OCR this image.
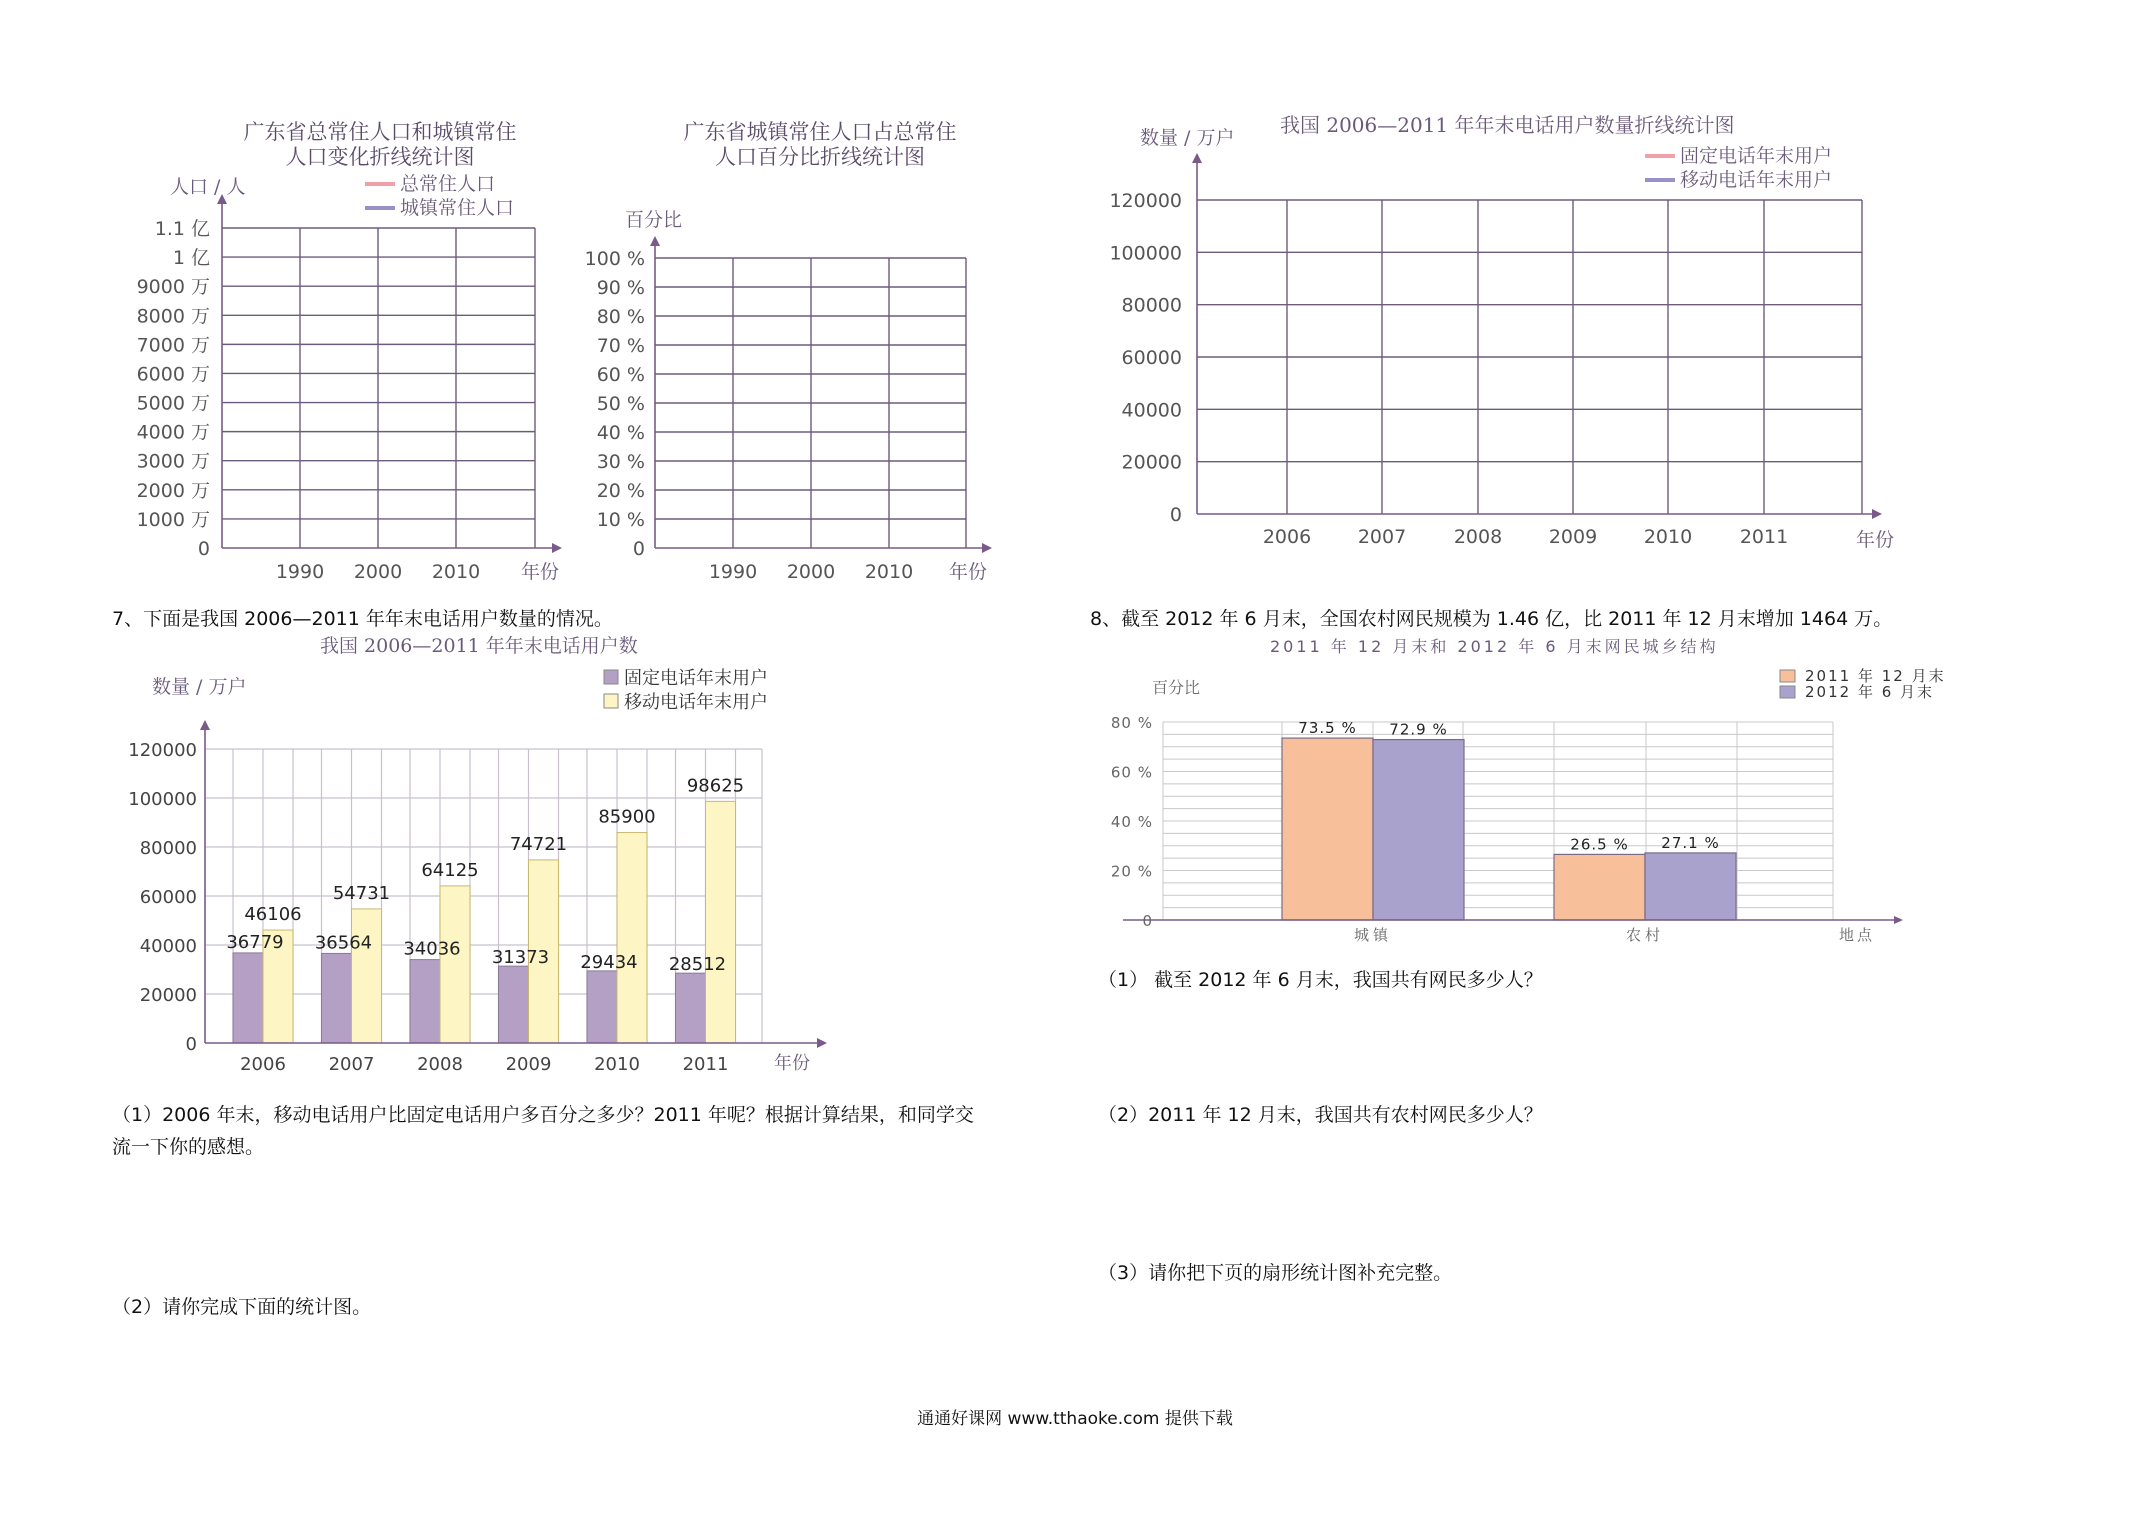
广东省总常住人口和城镇常住
人口变化折线统计图
广东省城镇常住人口占总常住
人口百分比折线统计图
0
1000 万
2000 万
3000 万
4000 万
5000 万
6000 万
7000 万
8000 万
9000 万
1 亿
1.1 亿
1990 2000 2010 年份
人口 / 人	总常住人口
城镇常住人口
0
10 %
20 %
30 %
40 %
50 %
60 %
70 %
80 %
90 %
100 %
1990 2000 2010 年份
百分比
我国 2006—2011 年年末电话用户数量折线统计图
数量 / 万户
0
20000
40000
60000
80000
100000
120000
2006 2007	2008 2009 2010	2011	年份
固定电话年末用户
移动电话年末用户
我国 2006—2011 年年末电话用户数
数量 / 万户
36779
46106
2006
36564
54731
2007
34036
64125
2008
31373
74721
2009
29434
85900
2010
28512
98625
2011
0
20000
40000
60000
80000
100000
120000
年份
固定电话年末用户
移动电话年末用户
2011 年 12 月末和 2012 年 6 月末网民城乡结构
百分比
73.5 % 72.9 %
城镇
26.5 % 27.1 %
农村
0
20 %
40 %
60 %
80 %
地点
2011 年 12 月末
2012 年 6 月末
7、下面是我国 2006—2011 年年末电话用户数量的情况。	8、截至 2012 年 6 月末，全国农村网民规模为 1.46 亿，比 2011 年 12 月末增加 1464 万。
（1） 截至 2012 年 6 月末，我国共有网民多少人？
（1）2006 年末，移动电话用户比固定电话用户多百分之多少？2011 年呢？根据计算结果，和同学交
流一下你的感想。
（2）2011 年 12 月末，我国共有农村网民多少人？
（3）请你把下页的扇形统计图补充完整。
（2）请你完成下面的统计图。
通通好课网 www.tthaoke.com 提供下载
